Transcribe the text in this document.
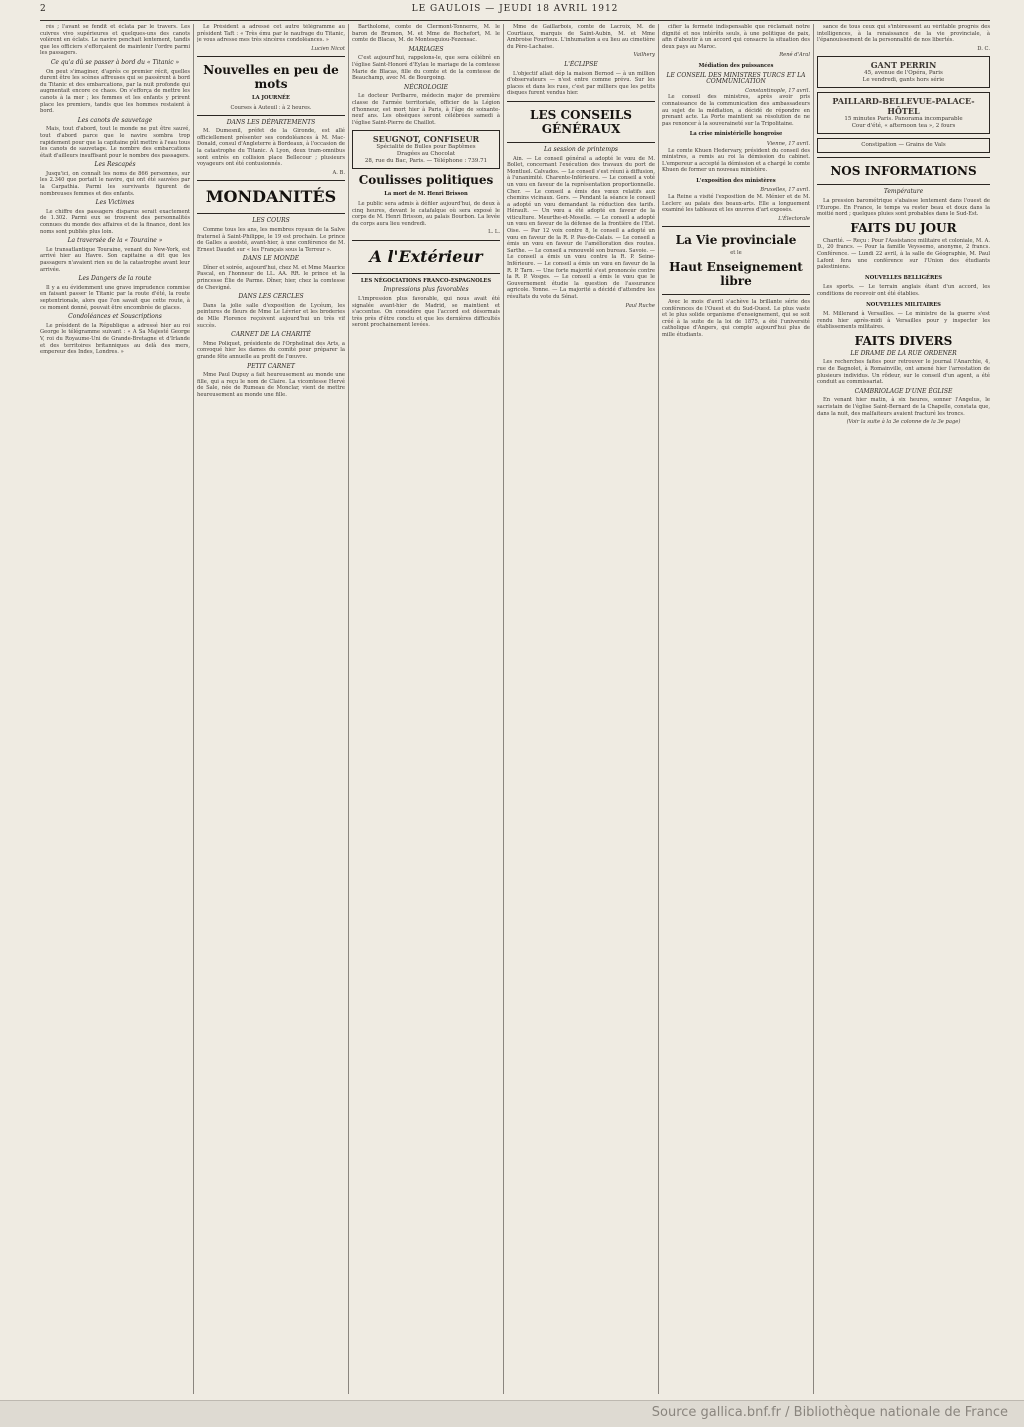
2	LE GAULOIS — JEUDI 18 AVRIL 1912

rés ; l'avant se fendit et éclata par le travers. Les cuivres vivo supérieures et quelques-uns des canots volèrent en éclats. Le navire penchait lentement, tandis que les officiers s'efforçaient de maintenir l'ordre parmi les passagers.

Ce qu'a dû se passer à bord du « Titanic »

On peut s'imaginer, d'après ce premier récit, quelles durent être les scènes affreuses qui se passèrent à bord du Titanic et des embarcations, par la nuit profonde qui augmentait encore ce chaos. On s'efforça de mettre les canots à la mer ; les femmes et les enfants y prirent place les premiers, tandis que les hommes restaient à bord.

Les canots de sauvetage

Mais, tout d'abord, tout le monde ne put être sauvé, tout d'abord parce que le navire sombra trop rapidement pour que la capitaine pût mettre à l'eau tous les canots de sauvetage. Le nombre des embarcations était d'ailleurs insuffisant pour le nombre des passagers.

Les Rescapés

Jusqu'ici, on connaît les noms de 866 personnes, sur les 2.340 que portait le navire, qui ont été sauvées par la Carpathia. Parmi les survivants figurent de nombreuses femmes et des enfants.

Les Victimes

Le chiffre des passagers disparus serait exactement de 1.302. Parmi eux se trouvent des personnalités connues du monde des affaires et de la finance, dont les noms sont publiés plus loin.

La traversée de la « Touraine »

Le transatlantique Touraine, venant du New-York, est arrivé hier au Havre. Son capitaine a dit que les passagers n'avaient rien su de la catastrophe avant leur arrivée.

Les Dangers de la route

Il y a eu évidemment une grave imprudence commise en faisant passer le Titanic par la route d'été, la route septentrionale, alors que l'on savait que cette route, à ce moment donné, pouvait être encombrée de glaces.

Condoléances et Souscriptions

Le président de la République a adressé hier au roi George le télégramme suivant : « A Sa Majesté George V, roi du Royaume-Uni de Grande-Bretagne et d'Irlande et des territoires britanniques au delà des mers, empereur des Indes, Londres. »

Le Président a adressé cet autre télégramme au président Taft : « Très ému par le naufrage du Titanic, je vous adresse mes très sincères condoléances. »

Lucien Nicot
Nouvelles en peu de mots
LA JOURNÉE
Courses à Auteuil : à 2 heures.
DANS LES DÉPARTEMENTS

M. Dumesnil, préfet de la Gironde, est allé officiellement présenter ses condoléances à M. Mac-Donald, consul d'Angleterre à Bordeaux, à l'occasion de la catastrophe du Titanic. A Lyon, deux tram-omnibus sont entrés en collision place Bellecour ; plusieurs voyageurs ont été contusionnés.

A. B.
MONDANITÉS
LES COURS

Comme tous les ans, les membres royaux de la Salve fraternel à Saint-Philippe, le 19 est prochain. Le prince de Galles a assisté, avant-hier, à une conférence de M. Ernest Daudet sur « les Français sous la Terreur ».

DANS LE MONDE

Dîner et soirée, aujourd'hui, chez M. et Mme Maurice Pascal, en l'honneur de LL. AA. RR. le prince et la princesse Élie de Parme. Dîner, hier, chez la comtesse de Chevigné.

DANS LES CERCLES

Dans la jolie salle d'exposition de Lycéum, les peintures de fleurs de Mme Le Lévrier et les broderies de Mlle Florence reçoivent aujourd'hui un très vif succès.

CARNET DE LA CHARITÉ

Mme Poliquet, présidente de l'Orphelinat des Arts, a convoqué hier les dames du comité pour préparer la grande fête annuelle au profit de l'œuvre.

PETIT CARNET

Mme Paul Dupuy a fait heureusement au monde une fille, qui a reçu le nom de Claire. La vicomtesse Hervé de Sale, née de Rumeau de Monclar, vient de mettre heureusement au monde une fille.

Bartholomé, comte de Clermont-Tonnerre, M. le baron de Brumon, M. et Mme de Rochefort, M. le comte de Blacas, M. de Montesquiou-Fezensac.

MARIAGES

C'est aujourd'hui, rappelons-le, que sera célébré en l'église Saint-Honoré d'Eylau le mariage de la comtesse Marie de Blacas, fille du comte et de la comtesse de Beauchamp, avec M. de Bourgoing.

NÉCROLOGIE

Le docteur Perlbarre, médecin major de première classe de l'armée territoriale, officier de la Légion d'honneur, est mort hier à Paris, à l'âge de soixante-neuf ans. Les obsèques seront célébrées samedi à l'église Saint-Pierre de Chaillot.

SEUGNOT, CONFISEUR
Spécialité de Bulles pour Baptêmes
Dragées au Chocolat
28, rue du Bac, Paris. — Téléphone : 739.71
Coulisses politiques
La mort de M. Henri Brisson

Le public sera admis à défiler aujourd'hui, de deux à cinq heures, devant le catafalque où sera exposé le corps de M. Henri Brisson, au palais Bourbon. La levée du corps aura lieu vendredi.

L. L.
A l'Extérieur
LES NÉGOCIATIONS FRANCO-ESPAGNOLES
Impressions plus favorables

L'impression plus favorable, qui nous avait été signalée avant-hier de Madrid, se maintient et s'accentue. On considère que l'accord est désormais très près d'être conclu et que les dernières difficultés seront prochainement levées.

Mme de Gaillarbois, comte de Lacroix, M. de Courtiaux, marquis de Saint-Aubin, M. et Mme Ambroise Fourfoux. L'inhumation a eu lieu au cimetière du Père-Lachaise.

Vailhery
L'ÉCLIPSE

L'objectif allait dép la maison Bernod — à un million d'observateurs — n'est entre comme prévu. Sur les places et dans les rues, c'est par milliers que les petits disques furent vendus hier.

LES CONSEILS GÉNÉRAUX
La session de printemps

Ain. — Le conseil général a adopté le vœu de M. Bollet, concernant l'exécution des travaux du port de Montluel. Calvados. — Le conseil s'est réuni à diffusion, à l'unanimité. Charente-Inférieure. — Le conseil a voté un vœu en faveur de la représentation proportionnelle. Cher. — Le conseil a émis des vœux relatifs aux chemins vicinaux. Gers. — Pendant la séance le conseil a adopté un vœu demandant la réduction des tarifs. Hérault. — Un vœu a été adopté en faveur de la viticulture. Meurthe-et-Moselle. — Le conseil a adopté un vœu en faveur de la défense de la frontière de l'Est. Oise. — Par 12 voix contre 8, le conseil a adopté un vœu en faveur de la R. P. Pas-de-Calais. — Le conseil a émis un vœu en faveur de l'amélioration des routes. Sarthe. — Le conseil a renouvelé son bureau. Savoie. — Le conseil a émis un vœu contre la R. P. Seine-Inférieure. — Le conseil a émis un vœu en faveur de la R. P. Tarn. — Une forte majorité s'est prononcée contre la R. P. Vosges. — Le conseil a émis le vœu que le Gouvernement étudie la question de l'assurance agricole. Yonne. — La majorité a décidé d'attendre les résultats du vote du Sénat.

Paul Ruche

cifier la fermeté indispensable que réclamait notre dignité et nos intérêts seuls, à une politique de paix, afin d'aboutir à un accord qui consacre la situation des deux pays au Maroc.

René d'Aral
Médiation des puissances
LE CONSEIL DES MINISTRES TURCS ET LA COMMUNICATION
Constantinople, 17 avril.

Le conseil des ministres, après avoir pris connaissance de la communication des ambassadeurs au sujet de la médiation, a décidé de répondre en prenant acte. La Porte maintient sa résolution de ne pas renoncer à la souveraineté sur la Tripolitaine.

La crise ministérielle hongroise
Vienne, 17 avril.

Le comte Khuen Hedervary, président du conseil des ministres, a remis au roi la démission du cabinet. L'empereur a accepté la démission et a chargé le comte Khuen de former un nouveau ministère.

L'exposition des ministères
Bruxelles, 17 avril.

La Reine a visité l'exposition de M. Ménier et de M. Leclerc au palais des beaux-arts. Elle a longuement examiné les tableaux et les œuvres d'art exposés.

L'Électorale
La Vie provinciale
et le
Haut Enseignement libre

Avec le mois d'avril s'achève la brillante série des conférences de l'Ouest et du Sud-Ouest. Le plus vaste et le plus solide organisme d'enseignement, qui se soit créé à la suite de la loi de 1875, a été l'université catholique d'Angers, qui compte aujourd'hui plus de mille étudiants.

sance de tous ceux qui s'intéressent au véritable progrès des intelligences, à la renaissance de la vie provinciale, à l'épanouissement de la personnalité de nos libertés.

D. C.
GANT PERRIN
45, avenue de l'Opéra, Paris
Le vendredi, gants hors série
PAILLARD-BELLEVUE-PALACE-HÔTEL
15 minutes Paris. Panorama incomparable
Cour d'été, « afternoon tea », 2 fours
Constipation — Grains de Vals
NOS INFORMATIONS
Température

La pression barométrique s'abaisse lentement dans l'ouest de l'Europe. En France, le temps va rester beau et doux dans la moitié nord ; quelques pluies sont probables dans le Sud-Est.

FAITS DU JOUR

Charité. — Reçu : Pour l'Assistance militaire et coloniale, M. A. D., 20 francs. — Pour la famille Veyssemo, anonyme, 2 francs. Conférence. — Lundi 22 avril, à la salle de Géographie, M. Paul Lafont fera une conférence sur l'Union des étudiants palestiniens.

NOUVELLES BELLIGÉRES

Les sports. — Le terrain anglais étant d'un accord, les conditions de recevoir ont été établies.

NOUVELLES MILITAIRES

M. Millerand à Versailles. — Le ministre de la guerre s'est rendu hier après-midi à Versailles pour y inspecter les établissements militaires.

FAITS DIVERS
LE DRAME DE LA RUE ORDENER

Les recherches faites pour retrouver le journal l'Anarchie, 4, rue de Bagnolet, à Romainville, ont amené hier l'arrestation de plusieurs individus. Un rôdeur, sur le conseil d'un agent, a été conduit au commissariat.

CAMBRIOLAGE D'UNE ÉGLISE

En venant hier matin, à six heures, sonner l'Angelus, le sacristain de l'église Saint-Bernard de la Chapelle, constata que, dans la nuit, des malfaiteurs avaient fracturé les troncs.

(Voir la suite à la 3e colonne de la 3e page)
Source gallica.bnf.fr / Bibliothèque nationale de France
